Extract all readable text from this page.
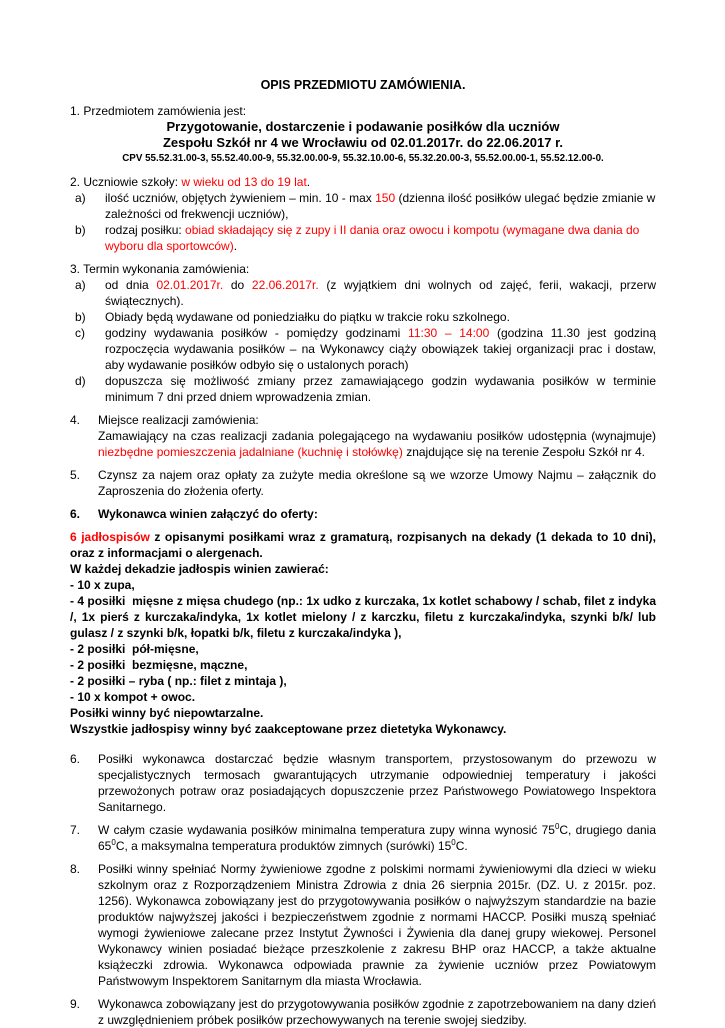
OPIS PRZEDMIOTU ZAMÓWIENIA.
1. Przedmiotem zamówienia jest:
Przygotowanie, dostarczenie i podawanie posiłków dla uczniów
Zespołu Szkół nr 4 we Wrocławiu od 02.01.2017r. do 22.06.2017 r.
CPV 55.52.31.00-3, 55.52.40.00-9, 55.32.00.00-9, 55.32.10.00-6, 55.32.20.00-3, 55.52.00.00-1, 55.52.12.00-0.
2. Uczniowie szkoły: w wieku od 13 do 19 lat.
a) ilość uczniów, objętych żywieniem – min. 10 - max 150 (dzienna ilość posiłków ulegać będzie zmianie w zależności od frekwencji uczniów),
b) rodzaj posiłku: obiad składający się z zupy i II dania oraz owocu i kompotu (wymagane dwa dania do wyboru dla sportowców).
3. Termin wykonania zamówienia:
a) od dnia 02.01.2017r. do 22.06.2017r. (z wyjątkiem dni wolnych od zajęć, ferii, wakacji, przerw świątecznych).
b) Obiady będą wydawane od poniedziałku do piątku w trakcie roku szkolnego.
c) godziny wydawania posiłków - pomiędzy godzinami 11:30 – 14:00 (godzina 11.30 jest godziną rozpoczęcia wydawania posiłków – na Wykonawcy ciąży obowiązek takiej organizacji prac i dostaw, aby wydawanie posiłków odbyło się o ustalonych porach)
d) dopuszcza się możliwość zmiany przez zamawiającego godzin wydawania posiłków w terminie minimum 7 dni przed dniem wprowadzenia zmian.
4. Miejsce realizacji zamówienia:
Zamawiający na czas realizacji zadania polegającego na wydawaniu posiłków udostępnia (wynajmuje) niezbędne pomieszczenia jadalniane (kuchnię i stołówkę) znajdujące się na terenie Zespołu Szkół nr 4.
5. Czynsz za najem oraz opłaty za zużyte media określone są we wzorze Umowy Najmu – załącznik do Zaproszenia do złożenia oferty.
6. Wykonawca winien załączyć do oferty:
6 jadłospisów z opisanymi posiłkami wraz z gramaturą, rozpisanych na dekady (1 dekada to 10 dni), oraz z informacjami o alergenach.
W każdej dekadzie jadłospis winien zawierać:
- 10 x zupa,
- 4 posiłki  mięsne z mięsa chudego (np.: 1x udko z kurczaka, 1x kotlet schabowy / schab, filet z indyka /, 1x pierś z kurczaka/indyka, 1x kotlet mielony / z karczku, filetu z kurczaka/indyka, szynki b/k/ lub gulasz / z szynki b/k, łopatki b/k, filetu z kurczaka/indyka ),
- 2 posiłki  pół-mięsne,
- 2 posiłki  bezmięsne, mączne,
- 2 posiłki – ryba ( np.: filet z mintaja ),
- 10 x kompot + owoc.
Posiłki winny być niepowtarzalne.
Wszystkie jadłospisy winny być zaakceptowane przez dietetyka Wykonawcy.
6. Posiłki wykonawca dostarczać będzie własnym transportem, przystosowanym do przewozu w specjalistycznych termosach gwarantujących utrzymanie odpowiedniej temperatury i jakości przewożonych potraw oraz posiadających dopuszczenie przez Państwowego Powiatowego Inspektora Sanitarnego.
7. W całym czasie wydawania posiłków minimalna temperatura zupy winna wynosić $75^0C$, drugiego dania $65^0C$, a maksymalna temperatura produktów zimnych (surówki) $15^0C$.
8. Posiłki winny spełniać Normy żywieniowe zgodne z polskimi normami żywieniowymi dla dzieci w wieku szkolnym oraz z Rozporządzeniem Ministra Zdrowia z dnia 26 sierpnia 2015r. (DZ. U. z 2015r. poz. 1256). Wykonawca zobowiązany jest do przygotowywania posiłków o najwyższym standardzie na bazie produktów najwyższej jakości i bezpieczeństwem zgodnie z normami HACCP. Posiłki muszą spełniać wymogi żywieniowe zalecane przez Instytut Żywności i Żywienia dla danej grupy wiekowej. Personel Wykonawcy winien posiadać bieżące przeszkolenie z zakresu BHP oraz HACCP, a także aktualne książeczki zdrowia. Wykonawca odpowiada prawnie za żywienie uczniów przez Powiatowym Państwowym Inspektorem Sanitarnym dla miasta Wrocławia.
9. Wykonawca zobowiązany jest do przygotowywania posiłków zgodnie z zapotrzebowaniem na dany dzień z uwzględnieniem próbek posiłków przechowywanych na terenie swojej siedziby.
